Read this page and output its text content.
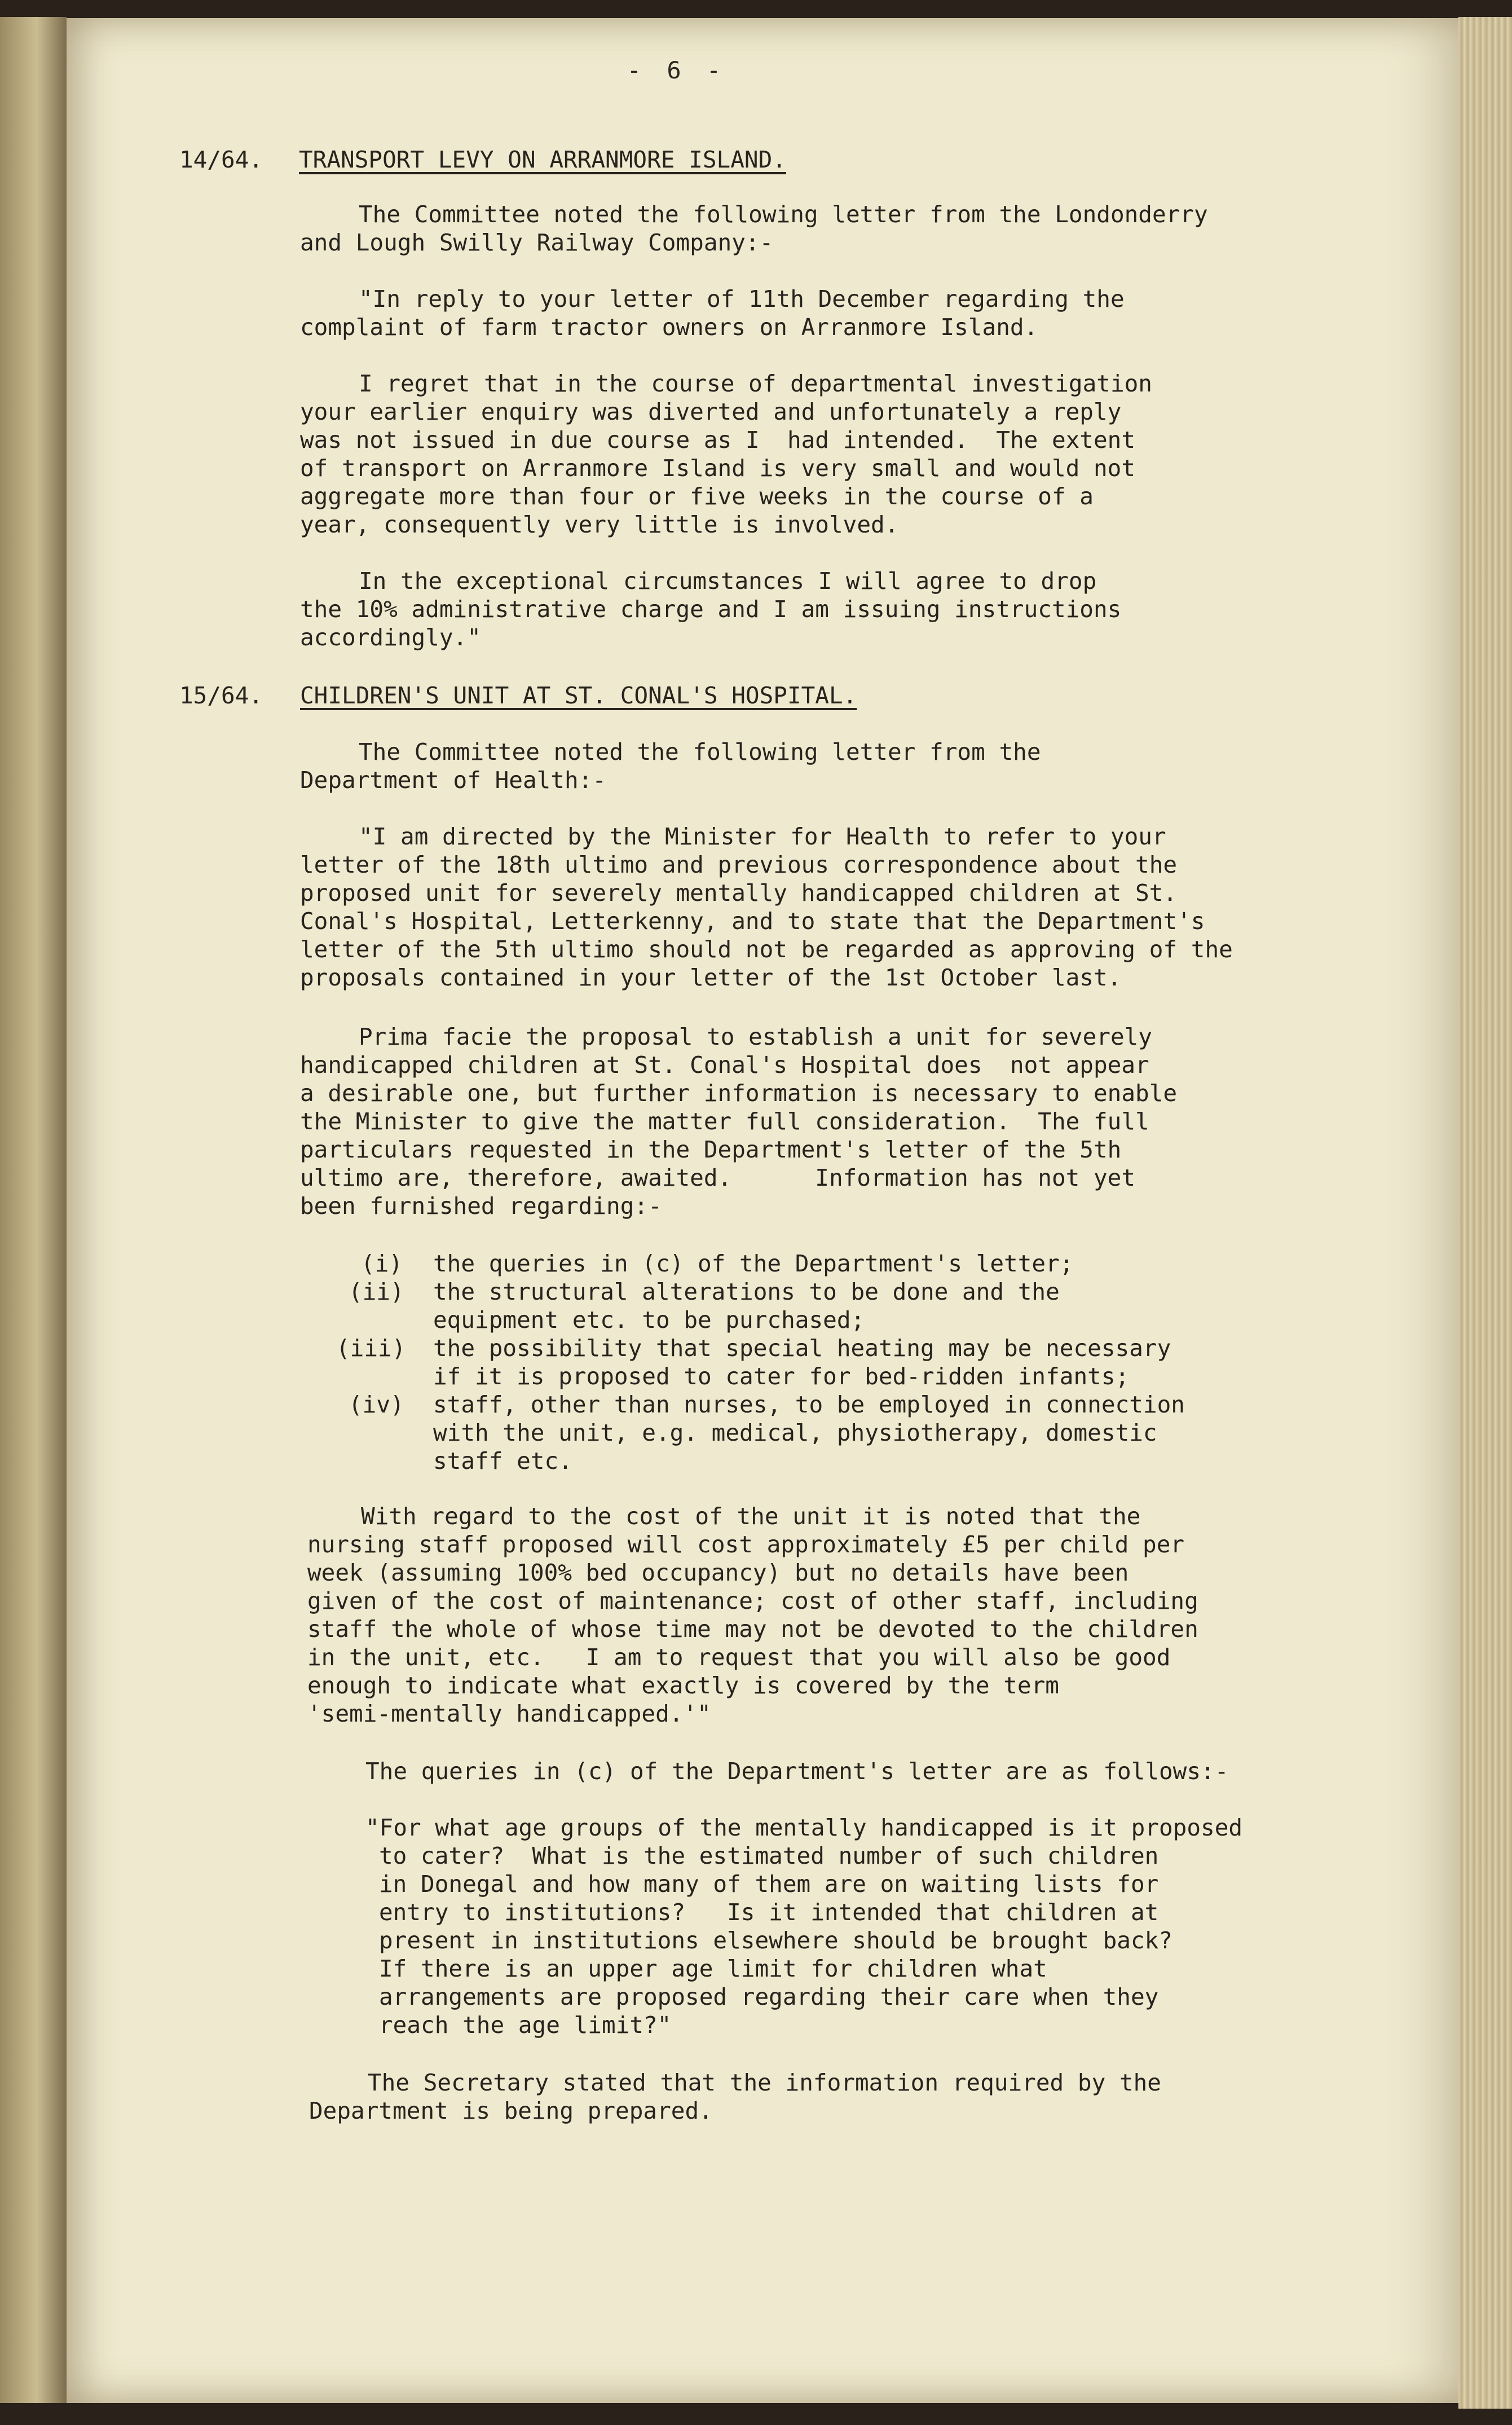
- 6 -
14/64. TRANSPORT LEVY ON ARRANMORE ISLAND.
The Committee noted the following letter from the Londonderry
and Lough Swilly Railway Company:-
"In reply to your letter of 11th December regarding the
complaint of farm tractor owners on Arranmore Island.
I regret that in the course of departmental investigation
your earlier enquiry was diverted and unfortunately a reply
was not issued in due course as I  had intended.  The extent
of transport on Arranmore Island is very small and would not
aggregate more than four or five weeks in the course of a
year, consequently very little is involved.
In the exceptional circumstances I will agree to drop
the 10% administrative charge and I am issuing instructions
accordingly."
15/64. CHILDREN'S UNIT AT ST. CONAL'S HOSPITAL.
The Committee noted the following letter from the
Department of Health:-
"I am directed by the Minister for Health to refer to your
letter of the 18th ultimo and previous correspondence about the
proposed unit for severely mentally handicapped children at St.
Conal's Hospital, Letterkenny, and to state that the Department's
letter of the 5th ultimo should not be regarded as approving of the
proposals contained in your letter of the 1st October last.
Prima facie the proposal to establish a unit for severely
handicapped children at St. Conal's Hospital does  not appear
a desirable one, but further information is necessary to enable
the Minister to give the matter full consideration.  The full
particulars requested in the Department's letter of the 5th
ultimo are, therefore, awaited.      Information has not yet
been furnished regarding:-
(i) the queries in (c) of the Department's letter;
(ii) the structural alterations to be done and the
equipment etc. to be purchased;
(iii) the possibility that special heating may be necessary
if it is proposed to cater for bed-ridden infants;
(iv) staff, other than nurses, to be employed in connection
with the unit, e.g. medical, physiotherapy, domestic
staff etc.
With regard to the cost of the unit it is noted that the
nursing staff proposed will cost approximately £5 per child per
week (assuming 100% bed occupancy) but no details have been
given of the cost of maintenance; cost of other staff, including
staff the whole of whose time may not be devoted to the children
in the unit, etc.   I am to request that you will also be good
enough to indicate what exactly is covered by the term
'semi-mentally handicapped.'"
The queries in (c) of the Department's letter are as follows:-
"For what age groups of the mentally handicapped is it proposed
to cater?  What is the estimated number of such children
in Donegal and how many of them are on waiting lists for
entry to institutions?   Is it intended that children at
present in institutions elsewhere should be brought back?
If there is an upper age limit for children what
arrangements are proposed regarding their care when they
reach the age limit?"
The Secretary stated that the information required by the
Department is being prepared.
